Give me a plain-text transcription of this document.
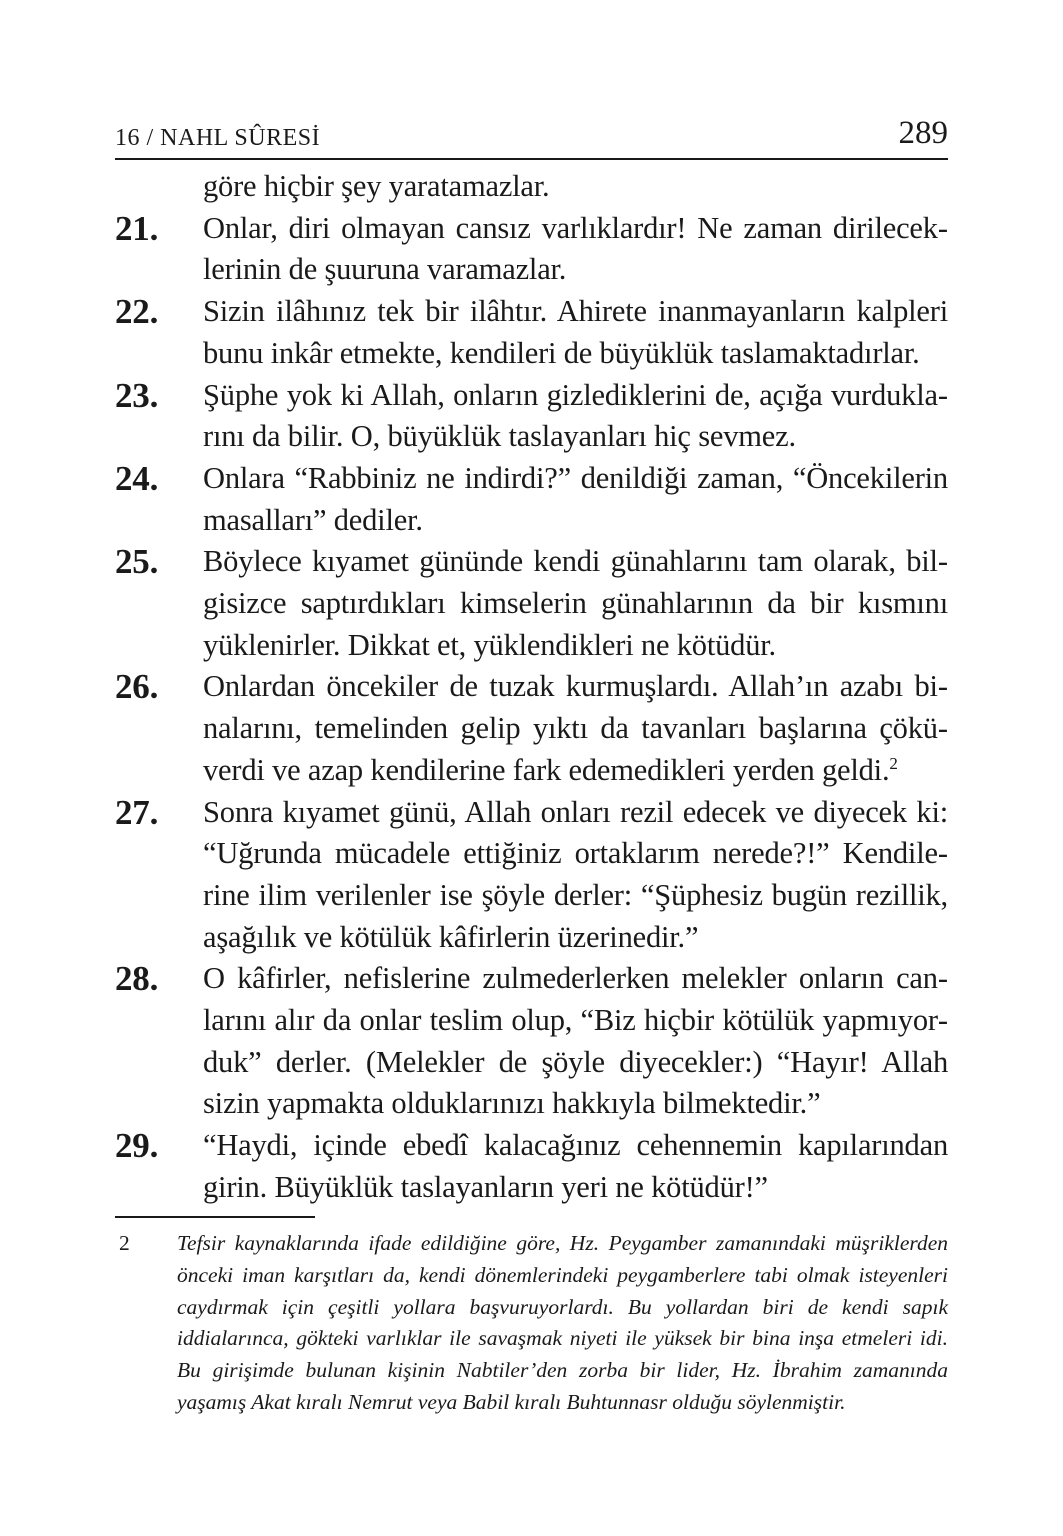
16 / NAHL SÛRESİ	289
göre hiçbir şey yaratamazlar.
21. Onlar, diri olmayan cansız varlıklardır! Ne zaman dirileceklerinin de şuuruna varamazlar.
22. Sizin ilâhınız tek bir ilâhtır. Ahirete inanmayanların kalpleri bunu inkâr etmekte, kendileri de büyüklük taslamaktadırlar.
23. Şüphe yok ki Allah, onların gizlediklerini de, açığa vurduklarını da bilir. O, büyüklük taslayanları hiç sevmez.
24. Onlara “Rabbiniz ne indirdi?” denildiği zaman, “Öncekilerin masalları” dediler.
25. Böylece kıyamet gününde kendi günahlarını tam olarak, bilgisizce saptırdıkları kimselerin günahlarının da bir kısmını yüklenirler. Dikkat et, yüklendikleri ne kötüdür.
26. Onlardan öncekiler de tuzak kurmuşlardı. Allah’ın azabı binalarını, temelinden gelip yıktı da tavanları başlarına çöküverdi ve azap kendilerine fark edemedikleri yerden geldi.$^2$
27. Sonra kıyamet günü, Allah onları rezil edecek ve diyecek ki: “Uğrunda mücadele ettiğiniz ortaklarım nerede?!” Kendilerine ilim verilenler ise şöyle derler: “Şüphesiz bugün rezillik, aşağılık ve kötülük kâfirlerin üzerinedir.”
28. O kâfirler, nefislerine zulmederlerken melekler onların canlarını alır da onlar teslim olup, “Biz hiçbir kötülük yapmıyorduk” derler. (Melekler de şöyle diyecekler:) “Hayır! Allah sizin yapmakta olduklarınızı hakkıyla bilmektedir.”
29. “Haydi, içinde ebedî kalacağınız cehennemin kapılarından girin. Büyüklük taslayanların yeri ne kötüdür!”
2 Tefsir kaynaklarında ifade edildiğine göre, Hz. Peygamber zamanındaki müşriklerden önceki iman karşıtları da, kendi dönemlerindeki peygamberlere tabi olmak isteyenleri caydırmak için çeşitli yollara başvuruyorlardı. Bu yollardan biri de kendi sapık iddialarınca, gökteki varlıklar ile savaşmak niyeti ile yüksek bir bina inşa etmeleri idi. Bu girişimde bulunan kişinin Nabtiler’den zorba bir lider, Hz. İbrahim zamanında yaşamış Akat kıralı Nemrut veya Babil kıralı Buhtunnasr olduğu söylenmiştir.
